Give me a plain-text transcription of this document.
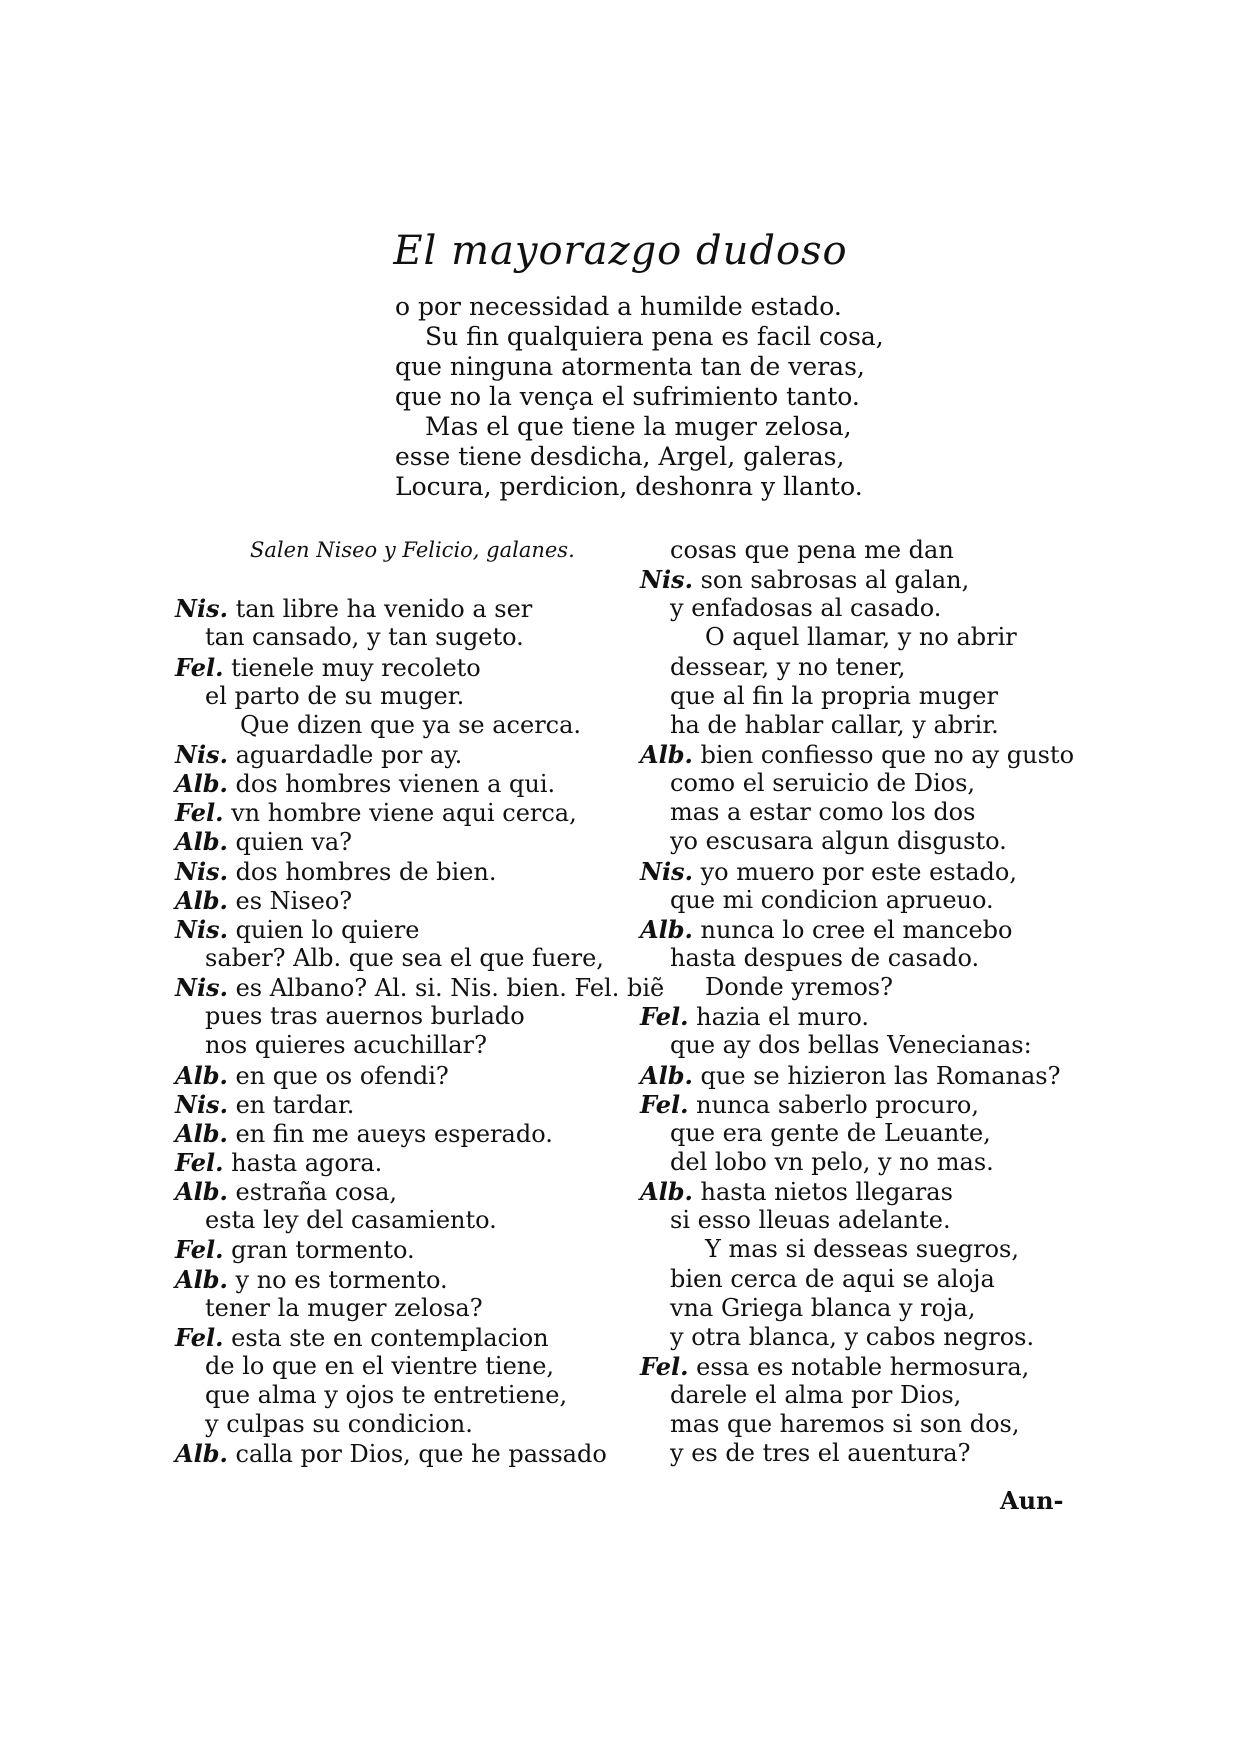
El mayorazgo dudoso
o por necessidad a humilde estado.
Su fin qualquiera pena es facil cosa,
que ninguna atormenta tan de veras,
que no la vença el sufrimiento tanto.
Mas el que tiene la muger zelosa,
esse tiene desdicha, Argel, galeras,
Locura, perdicion, deshonra y llanto.
Salen Niseo y Felicio, galanes.
Nis. tan libre ha venido a ser
tan cansado, y tan sugeto.
Fel. tienele muy recoleto
el parto de su muger.
Que dizen que ya se acerca.
Nis. aguardadle por ay.
Alb. dos hombres vienen a qui.
Fel. vn hombre viene aqui cerca,
Alb. quien va?
Nis. dos hombres de bien.
Alb. es Niseo?
Nis. quien lo quiere
saber? Alb. que sea el que fuere,
Nis. es Albano? Al. si. Nis. bien. Fel. biẽ
pues tras auernos burlado
nos quieres acuchillar?
Alb. en que os ofendi?
Nis. en tardar.
Alb. en fin me aueys esperado.
Fel. hasta agora.
Alb. estraña cosa,
esta ley del casamiento.
Fel. gran tormento.
Alb. y no es tormento.
tener la muger zelosa?
Fel. esta ste en contemplacion
de lo que en el vientre tiene,
que alma y ojos te entretiene,
y culpas su condicion.
Alb. calla por Dios, que he passado
cosas que pena me dan
Nis. son sabrosas al galan,
y enfadosas al casado.
O aquel llamar, y no abrir
dessear, y no tener,
que al fin la propria muger
ha de hablar callar, y abrir.
Alb. bien confiesso que no ay gusto
como el seruicio de Dios,
mas a estar como los dos
yo escusara algun disgusto.
Nis. yo muero por este estado,
que mi condicion aprueuo.
Alb. nunca lo cree el mancebo
hasta despues de casado.
Donde yremos?
Fel. hazia el muro.
que ay dos bellas Venecianas:
Alb. que se hizieron las Romanas?
Fel. nunca saberlo procuro,
que era gente de Leuante,
del lobo vn pelo, y no mas.
Alb. hasta nietos llegaras
si esso lleuas adelante.
Y mas si desseas suegros,
bien cerca de aqui se aloja
vna Griega blanca y roja,
y otra blanca, y cabos negros.
Fel. essa es notable hermosura,
darele el alma por Dios,
mas que haremos si son dos,
y es de tres el auentura?
Aun-
